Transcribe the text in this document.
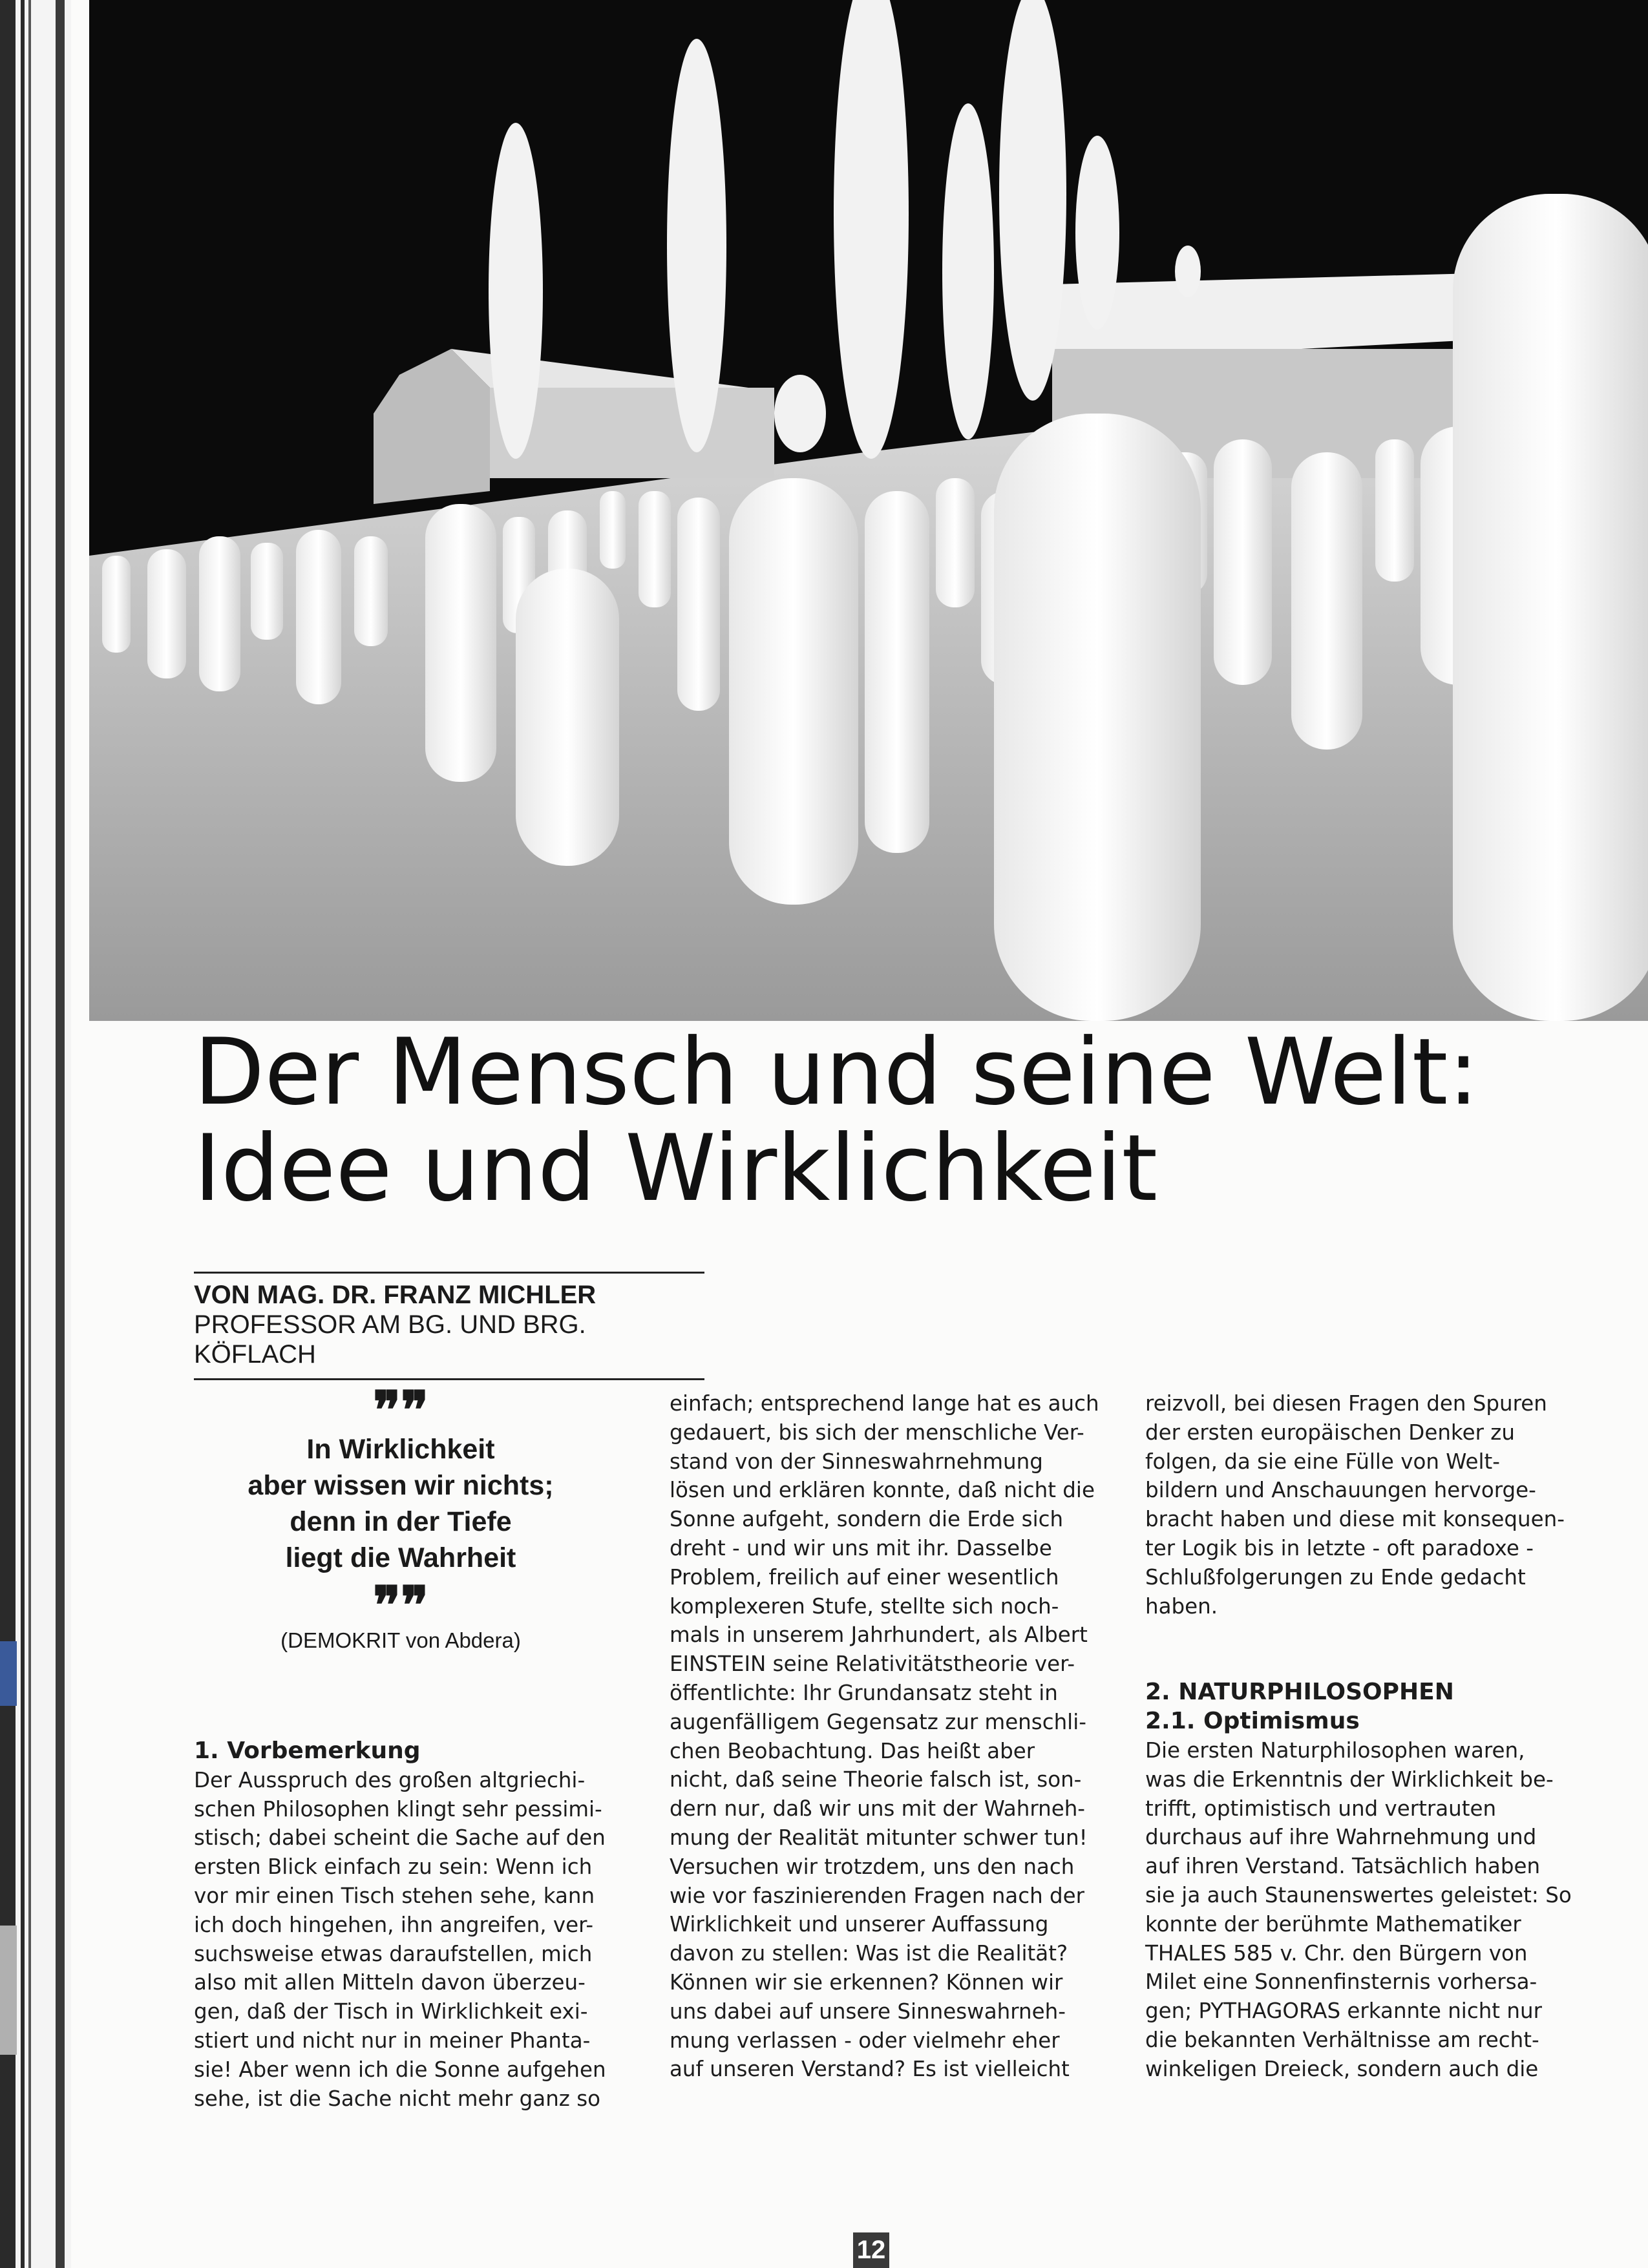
Der Mensch und seine Welt:
Idee und Wirklichkeit
VON MAG. DR. FRANZ MICHLER
PROFESSOR AM BG. UND BRG. KÖFLACH
❞❞
In Wirklichkeit
aber wissen wir nichts;
denn in der Tiefe
liegt die Wahrheit
❞❞
(DEMOKRIT von Abdera)
1. Vorbemerkung

Der Ausspruch des großen altgriechi-

schen Philosophen klingt sehr pessimi-

stisch; dabei scheint die Sache auf den

ersten Blick einfach zu sein: Wenn ich

vor mir einen Tisch stehen sehe, kann

ich doch hingehen, ihn angreifen, ver-

suchsweise etwas daraufstellen, mich

also mit allen Mitteln davon überzeu-

gen, daß der Tisch in Wirklichkeit exi-

stiert und nicht nur in meiner Phanta-

sie! Aber wenn ich die Sonne aufgehen

sehe, ist die Sache nicht mehr ganz so

einfach; entsprechend lange hat es auch

gedauert, bis sich der menschliche Ver-

stand von der Sinneswahrnehmung

lösen und erklären konnte, daß nicht die

Sonne aufgeht, sondern die Erde sich

dreht - und wir uns mit ihr. Dasselbe

Problem, freilich auf einer wesentlich

komplexeren Stufe, stellte sich noch-

mals in unserem Jahrhundert, als Albert

EINSTEIN seine Relativitätstheorie ver-

öffentlichte: Ihr Grundansatz steht in

augenfälligem Gegensatz zur menschli-

chen Beobachtung. Das heißt aber

nicht, daß seine Theorie falsch ist, son-

dern nur, daß wir uns mit der Wahrneh-

mung der Realität mitunter schwer tun!

Versuchen wir trotzdem, uns den nach

wie vor faszinierenden Fragen nach der

Wirklichkeit und unserer Auffassung

davon zu stellen: Was ist die Realität?

Können wir sie erkennen? Können wir

uns dabei auf unsere Sinneswahrneh-

mung verlassen - oder vielmehr eher

auf unseren Verstand? Es ist vielleicht

reizvoll, bei diesen Fragen den Spuren

der ersten europäischen Denker zu

folgen, da sie eine Fülle von Welt-

bildern und Anschauungen hervorge-

bracht haben und diese mit konsequen-

ter Logik bis in letzte - oft paradoxe -

Schlußfolgerungen zu Ende gedacht

haben.

2. NATURPHILOSOPHEN
2.1. Optimismus

Die ersten Naturphilosophen waren,

was die Erkenntnis der Wirklichkeit be-

trifft, optimistisch und vertrauten

durchaus auf ihre Wahrnehmung und

auf ihren Verstand. Tatsächlich haben

sie ja auch Staunenswertes geleistet: So

konnte der berühmte Mathematiker

THALES 585 v. Chr. den Bürgern von

Milet eine Sonnenfinsternis vorhersa-

gen; PYTHAGORAS erkannte nicht nur

die bekannten Verhältnisse am recht-

winkeligen Dreieck, sondern auch die

12
